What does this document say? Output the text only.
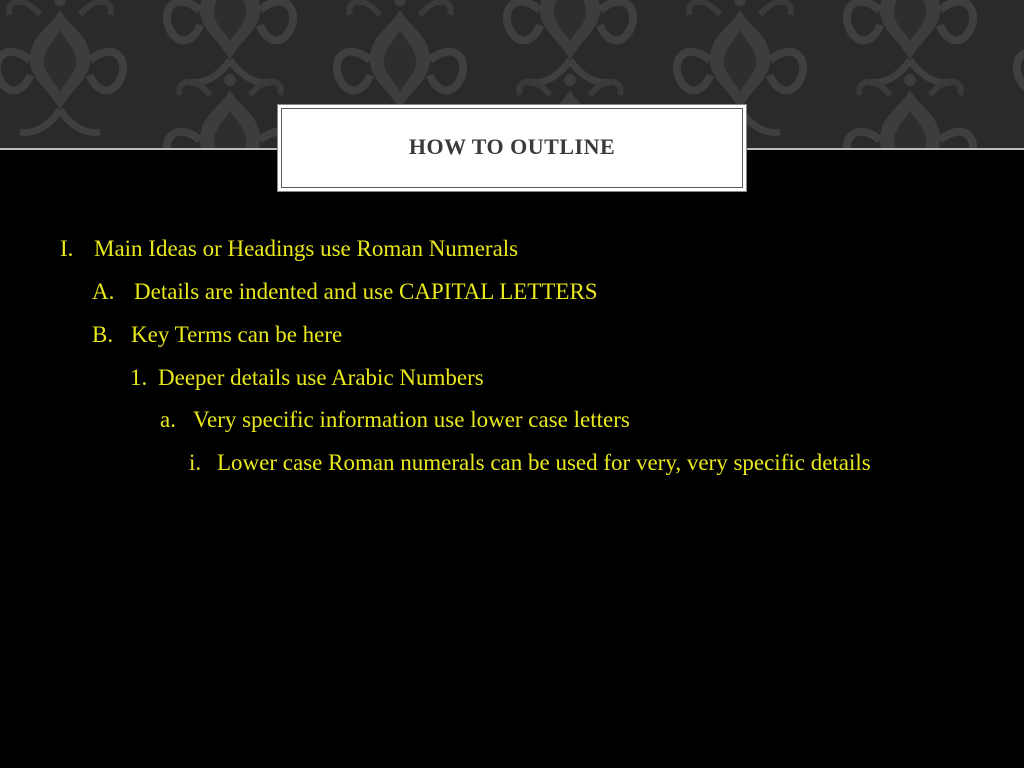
HOW TO OUTLINE
I. Main Ideas or Headings use Roman Numerals
A. Details are indented and use CAPITAL LETTERS
B. Key Terms can be here
1. Deeper details use Arabic Numbers
a. Very specific information use lower case letters
i. Lower case Roman numerals can be used for very, very specific details
